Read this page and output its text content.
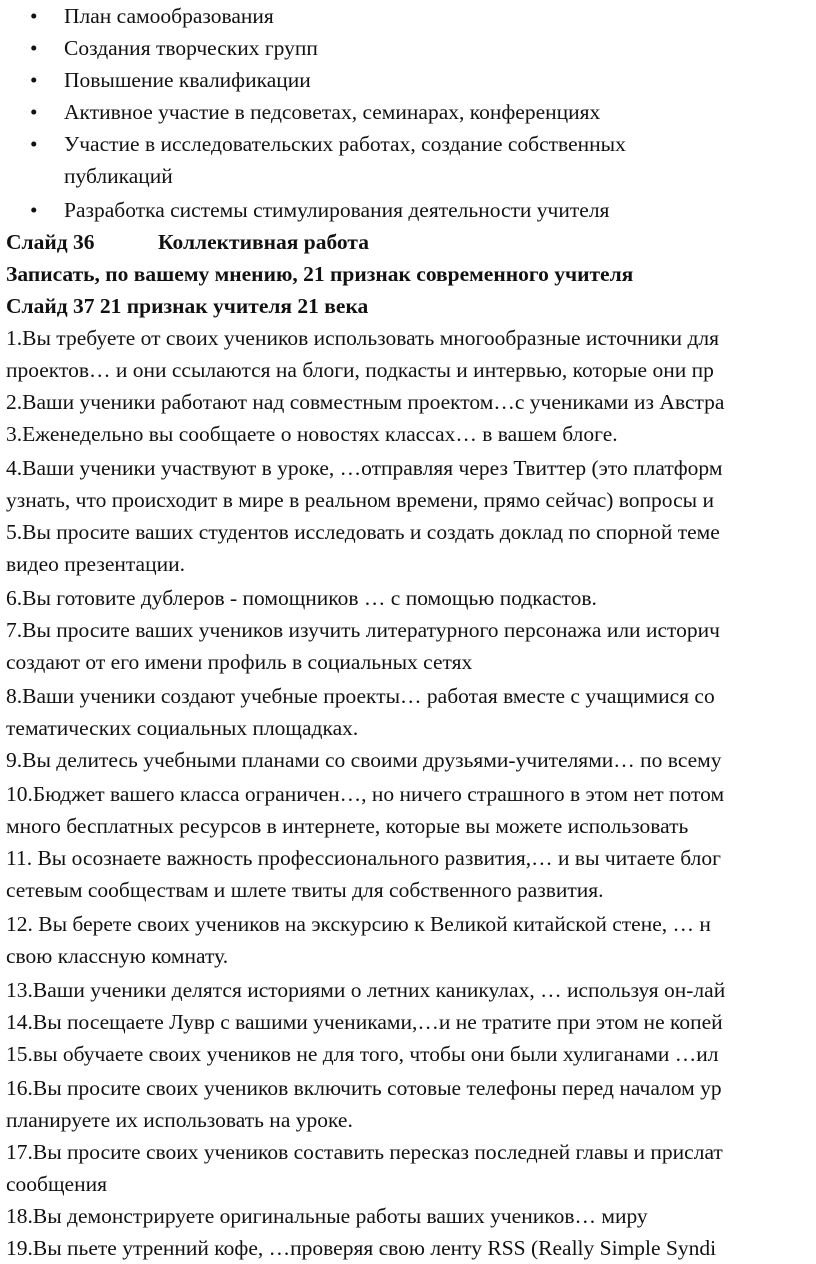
• План самообразования
• Создания творческих групп
• Повышение квалификации
• Активное участие в педсоветах, семинарах, конференциях
• Участие в исследовательских работах, создание собственных
публикаций
• Разработка системы стимулирования деятельности учителя
Слайд 36	Коллективная работа
Записать, по вашему мнению, 21 признак современного учителя
Слайд 37 21 признак учителя 21 века
1.Вы требуете от своих учеников использовать многообразные источники для
проектов… и они ссылаются на блоги, подкасты и интервью, которые они пр
2.Ваши ученики работают над совместным проектом…с учениками из Австра
3.Еженедельно вы сообщаете о новостях классах… в вашем блоге.
4.Ваши ученики участвуют в уроке, …отправляя через Твиттер (это платформ
узнать, что происходит в мире в реальном времени, прямо сейчас) вопросы и
5.Вы просите ваших студентов исследовать и создать доклад по спорной теме
видео презентации.
6.Вы готовите дублеров - помощников … с помощью подкастов.
7.Вы просите ваших учеников изучить литературного персонажа или историч
создают от его имени профиль в социальных сетях
8.Ваши ученики создают учебные проекты… работая вместе с учащимися со
тематических социальных площадках.
9.Вы делитесь учебными планами со своими друзьями-учителями… по всему
10.Бюджет вашего класса ограничен…, но ничего страшного в этом нет потом
много бесплатных ресурсов в интернете, которые вы можете использовать
11. Вы осознаете важность профессионального развития,… и вы читаете блог
сетевым сообществам и шлете твиты для собственного развития.
12. Вы берете своих учеников на экскурсию к Великой китайской стене, … н
свою классную комнату.
13.Ваши ученики делятся историями о летних каникулах, … используя он-лай
14.Вы посещаете Лувр с вашими учениками,…и не тратите при этом не копей
15.вы обучаете своих учеников не для того, чтобы они были хулиганами …ил
16.Вы просите своих учеников включить сотовые телефоны перед началом ур
планируете их использовать на уроке.
17.Вы просите своих учеников составить пересказ последней главы и прислат
сообщения
18.Вы демонстрируете оригинальные работы ваших учеников… миру
19.Вы пьете утренний кофе, …проверяя свою ленту RSS (Really Simple Syndi
